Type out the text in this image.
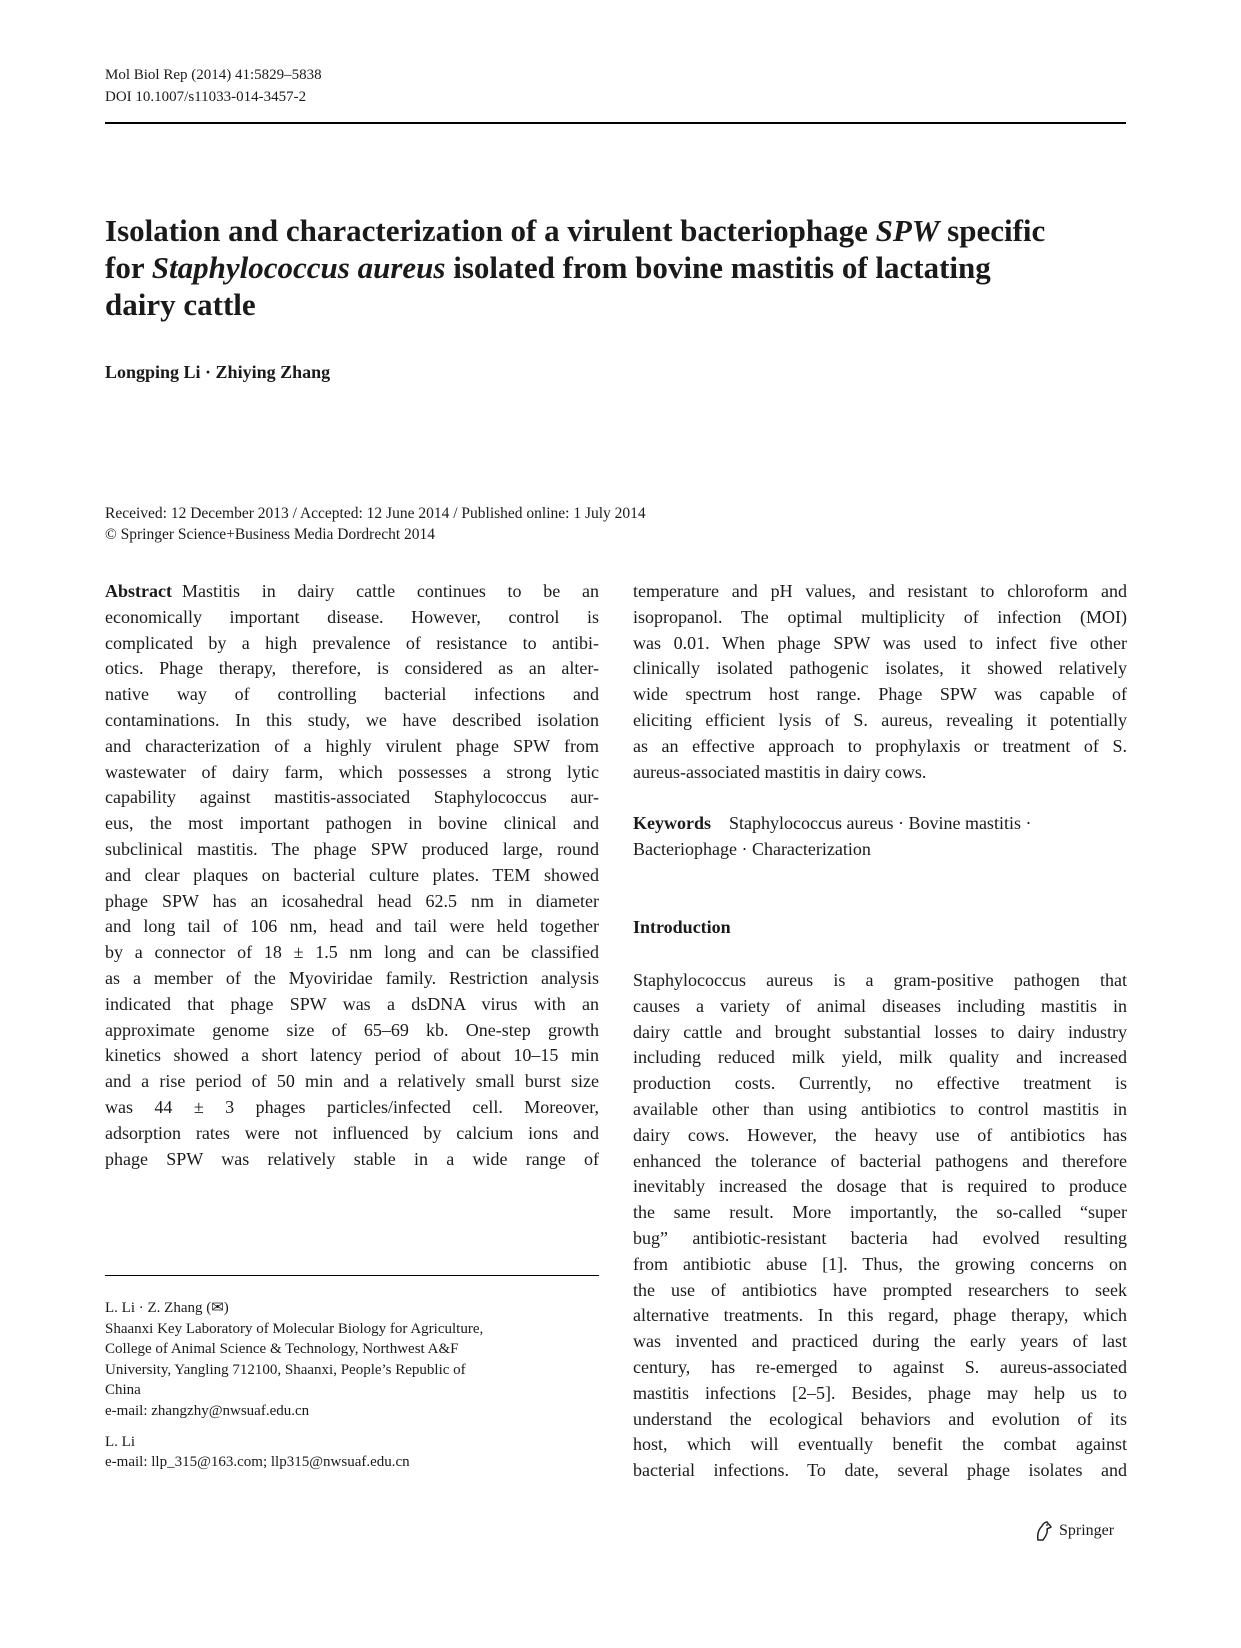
Mol Biol Rep (2014) 41:5829–5838
DOI 10.1007/s11033-014-3457-2
Isolation and characterization of a virulent bacteriophage SPW specific for Staphylococcus aureus isolated from bovine mastitis of lactating dairy cattle
Longping Li · Zhiying Zhang
Received: 12 December 2013 / Accepted: 12 June 2014 / Published online: 1 July 2014
© Springer Science+Business Media Dordrecht 2014
Abstract Mastitis in dairy cattle continues to be an
economically important disease. However, control is
complicated by a high prevalence of resistance to antibi-
otics. Phage therapy, therefore, is considered as an alter-
native way of controlling bacterial infections and
contaminations. In this study, we have described isolation
and characterization of a highly virulent phage SPW from
wastewater of dairy farm, which possesses a strong lytic
capability against mastitis-associated Staphylococcus aur-
eus, the most important pathogen in bovine clinical and
subclinical mastitis. The phage SPW produced large, round
and clear plaques on bacterial culture plates. TEM showed
phage SPW has an icosahedral head 62.5 nm in diameter
and long tail of 106 nm, head and tail were held together
by a connector of 18 ± 1.5 nm long and can be classified
as a member of the Myoviridae family. Restriction analysis
indicated that phage SPW was a dsDNA virus with an
approximate genome size of 65–69 kb. One-step growth
kinetics showed a short latency period of about 10–15 min
and a rise period of 50 min and a relatively small burst size
was 44 ± 3 phages particles/infected cell. Moreover,
adsorption rates were not influenced by calcium ions and
phage SPW was relatively stable in a wide range of
temperature and pH values, and resistant to chloroform and
isopropanol. The optimal multiplicity of infection (MOI)
was 0.01. When phage SPW was used to infect five other
clinically isolated pathogenic isolates, it showed relatively
wide spectrum host range. Phage SPW was capable of
eliciting efficient lysis of S. aureus, revealing it potentially
as an effective approach to prophylaxis or treatment of S.
aureus-associated mastitis in dairy cows.
Keywords Staphylococcus aureus · Bovine mastitis ·
Bacteriophage · Characterization
Introduction
Staphylococcus aureus is a gram-positive pathogen that
causes a variety of animal diseases including mastitis in
dairy cattle and brought substantial losses to dairy industry
including reduced milk yield, milk quality and increased
production costs. Currently, no effective treatment is
available other than using antibiotics to control mastitis in
dairy cows. However, the heavy use of antibiotics has
enhanced the tolerance of bacterial pathogens and therefore
inevitably increased the dosage that is required to produce
the same result. More importantly, the so-called “super
bug” antibiotic-resistant bacteria had evolved resulting
from antibiotic abuse [1]. Thus, the growing concerns on
the use of antibiotics have prompted researchers to seek
alternative treatments. In this regard, phage therapy, which
was invented and practiced during the early years of last
century, has re-emerged to against S. aureus-associated
mastitis infections [2–5]. Besides, phage may help us to
understand the ecological behaviors and evolution of its
host, which will eventually benefit the combat against
bacterial infections. To date, several phage isolates and

L. Li · Z. Zhang (✉)

Shaanxi Key Laboratory of Molecular Biology for Agriculture,

College of Animal Science & Technology, Northwest A&F

University, Yangling 712100, Shaanxi, People’s Republic of

China

e-mail: zhangzhy@nwsuaf.edu.cn

L. Li

e-mail: llp_315@163.com; llp315@nwsuaf.edu.cn

Springer
